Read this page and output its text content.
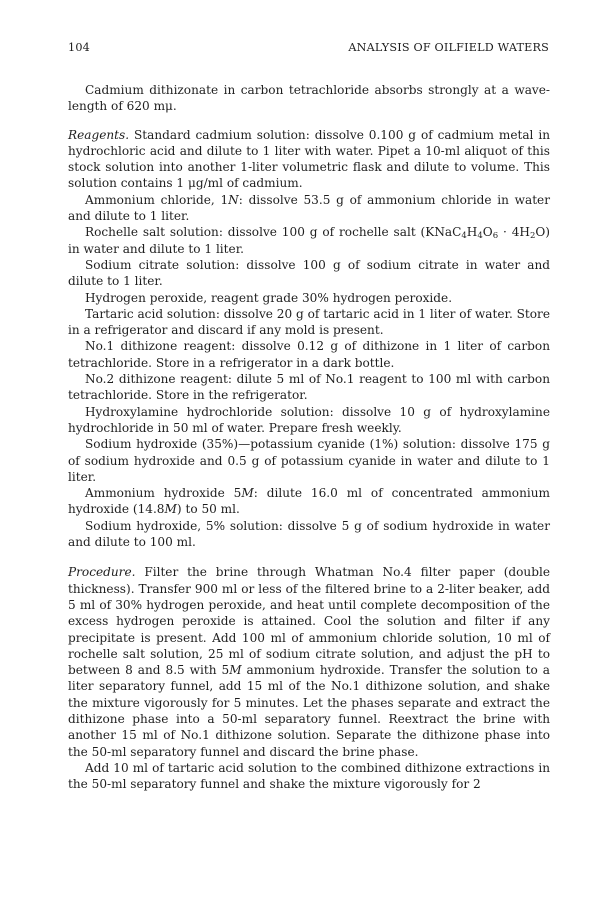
104	ANALYSIS OF OILFIELD WATERS

Cadmium dithizonate in carbon tetrachloride absorbs strongly at a wave-length of 620 mμ.

Reagents. Standard cadmium solution: dissolve 0.100 g of cadmium metal in hydrochloric acid and dilute to 1 liter with water. Pipet a 10-ml aliquot of this stock solution into another 1-liter volumetric flask and dilute to volume. This solution contains 1 μg/ml of cadmium.

Ammonium chloride, 1N: dissolve 53.5 g of ammonium chloride in water and dilute to 1 liter.

Rochelle salt solution: dissolve 100 g of rochelle salt $(KNaC_4H_4O_6 \cdot 4H_2O)$ in water and dilute to 1 liter.

Sodium citrate solution: dissolve 100 g of sodium citrate in water and dilute to 1 liter.

Hydrogen peroxide, reagent grade 30% hydrogen peroxide.

Tartaric acid solution: dissolve 20 g of tartaric acid in 1 liter of water. Store in a refrigerator and discard if any mold is present.

No.1 dithizone reagent: dissolve 0.12 g of dithizone in 1 liter of carbon tetrachloride. Store in a refrigerator in a dark bottle.

No.2 dithizone reagent: dilute 5 ml of No.1 reagent to 100 ml with carbon tetrachloride. Store in the refrigerator.

Hydroxylamine hydrochloride solution: dissolve 10 g of hydroxylamine hydrochloride in 50 ml of water. Prepare fresh weekly.

Sodium hydroxide (35%)—potassium cyanide (1%) solution: dissolve 175 g of sodium hydroxide and 0.5 g of potassium cyanide in water and dilute to 1 liter.

Ammonium hydroxide 5M: dilute 16.0 ml of concentrated ammonium hydroxide (14.8M) to 50 ml.

Sodium hydroxide, 5% solution: dissolve 5 g of sodium hydroxide in water and dilute to 100 ml.

Procedure. Filter the brine through Whatman No.4 filter paper (double thickness). Transfer 900 ml or less of the filtered brine to a 2-liter beaker, add 5 ml of 30% hydrogen peroxide, and heat until complete decomposition of the excess hydrogen peroxide is attained. Cool the solution and filter if any precipitate is present. Add 100 ml of ammonium chloride solution, 10 ml of rochelle salt solution, 25 ml of sodium citrate solution, and adjust the pH to between 8 and 8.5 with 5M ammonium hydroxide. Transfer the solution to a liter separatory funnel, add 15 ml of the No.1 dithizone solution, and shake the mixture vigorously for 5 minutes. Let the phases separate and extract the dithizone phase into a 50-ml separatory funnel. Reextract the brine with another 15 ml of No.1 dithizone solution. Separate the dithizone phase into the 50-ml separatory funnel and discard the brine phase.

Add 10 ml of tartaric acid solution to the combined dithizone extractions in the 50-ml separatory funnel and shake the mixture vigorously for 2
